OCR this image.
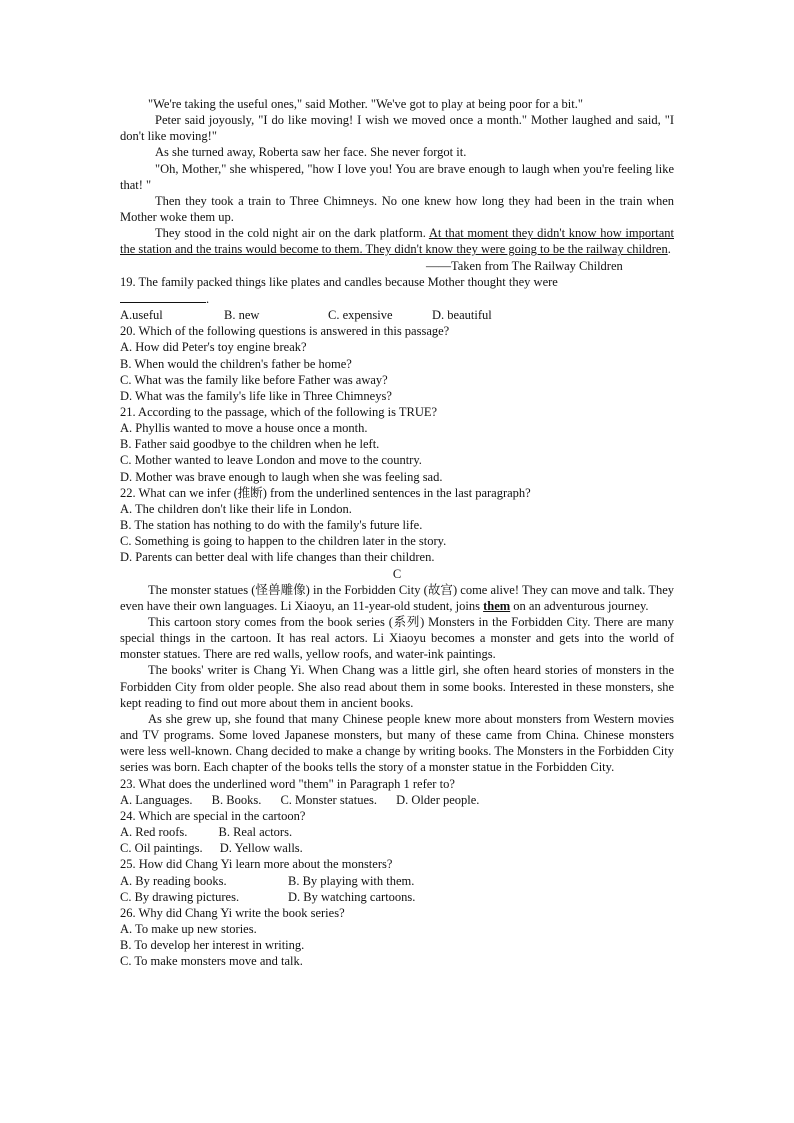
"We're taking the useful ones," said Mother. "We've got to play at being poor for a bit."

Peter said joyously, "I do like moving! I wish we moved once a month." Mother laughed and said, "I don't like moving!"

As she turned away, Roberta saw her face. She never forgot it.

"Oh, Mother," she whispered, "how I love you! You are brave enough to laugh when you're feeling like that! "

Then they took a train to Three Chimneys. No one knew how long they had been in the train when Mother woke them up.

They stood in the cold night air on the dark platform. At that moment they didn't know how important the station and the trains would become to them. They didn't know they were going to be the railway children.

——Taken from The Railway Children

19. The family packed things like plates and candles because Mother thought they were

.

A.useful	B. new	C. expensive	D. beautiful

20. Which of the following questions is answered in this passage?

A. How did Peter's toy engine break?

B. When would the children's father be home?

C. What was the family like before Father was away?

D. What was the family's life like in Three Chimneys?

21. According to the passage, which of the following is TRUE?

A. Phyllis wanted to move a house once a month.

B. Father said goodbye to the children when he left.

C. Mother wanted to leave London and move to the country.

D. Mother was brave enough to laugh when she was feeling sad.

22. What can we infer (推断) from the underlined sentences in the last paragraph?

A. The children don't like their life in London.

B. The station has nothing to do with the family's future life.

C. Something is going to happen to the children later in the story.

D. Parents can better deal with life changes than their children.

C

The monster statues (怪兽雕像) in the Forbidden City (故宫) come alive! They can move and talk. They even have their own languages. Li Xiaoyu, an 11-year-old student, joins them on an adventurous journey.

This cartoon story comes from the book series (系列) Monsters in the Forbidden City. There are many special things in the cartoon. It has real actors. Li Xiaoyu becomes a monster and gets into the world of monster statues. There are red walls, yellow roofs, and water-ink paintings.

The books' writer is Chang Yi. When Chang was a little girl, she often heard stories of monsters in the Forbidden City from older people. She also read about them in some books. Interested in these monsters, she kept reading to find out more about them in ancient books.

As she grew up, she found that many Chinese people knew more about monsters from Western movies and TV programs. Some loved Japanese monsters, but many of these came from China. Chinese monsters were less well-known. Chang decided to make a change by writing books. The Monsters in the Forbidden City series was born. Each chapter of the books tells the story of a monster statue in the Forbidden City.

23. What does the underlined word "them" in Paragraph 1 refer to?

A. Languages. B. Books. C. Monster statues. D. Older people.

24. Which are special in the cartoon?

A. Red roofs. B. Real actors.

C. Oil paintings. D. Yellow walls.

25. How did Chang Yi learn more about the monsters?

A. By reading books.	B. By playing with them.
C. By drawing pictures.	D. By watching cartoons.

26. Why did Chang Yi write the book series?

A. To make up new stories.

B. To develop her interest in writing.

C. To make monsters move and talk.
